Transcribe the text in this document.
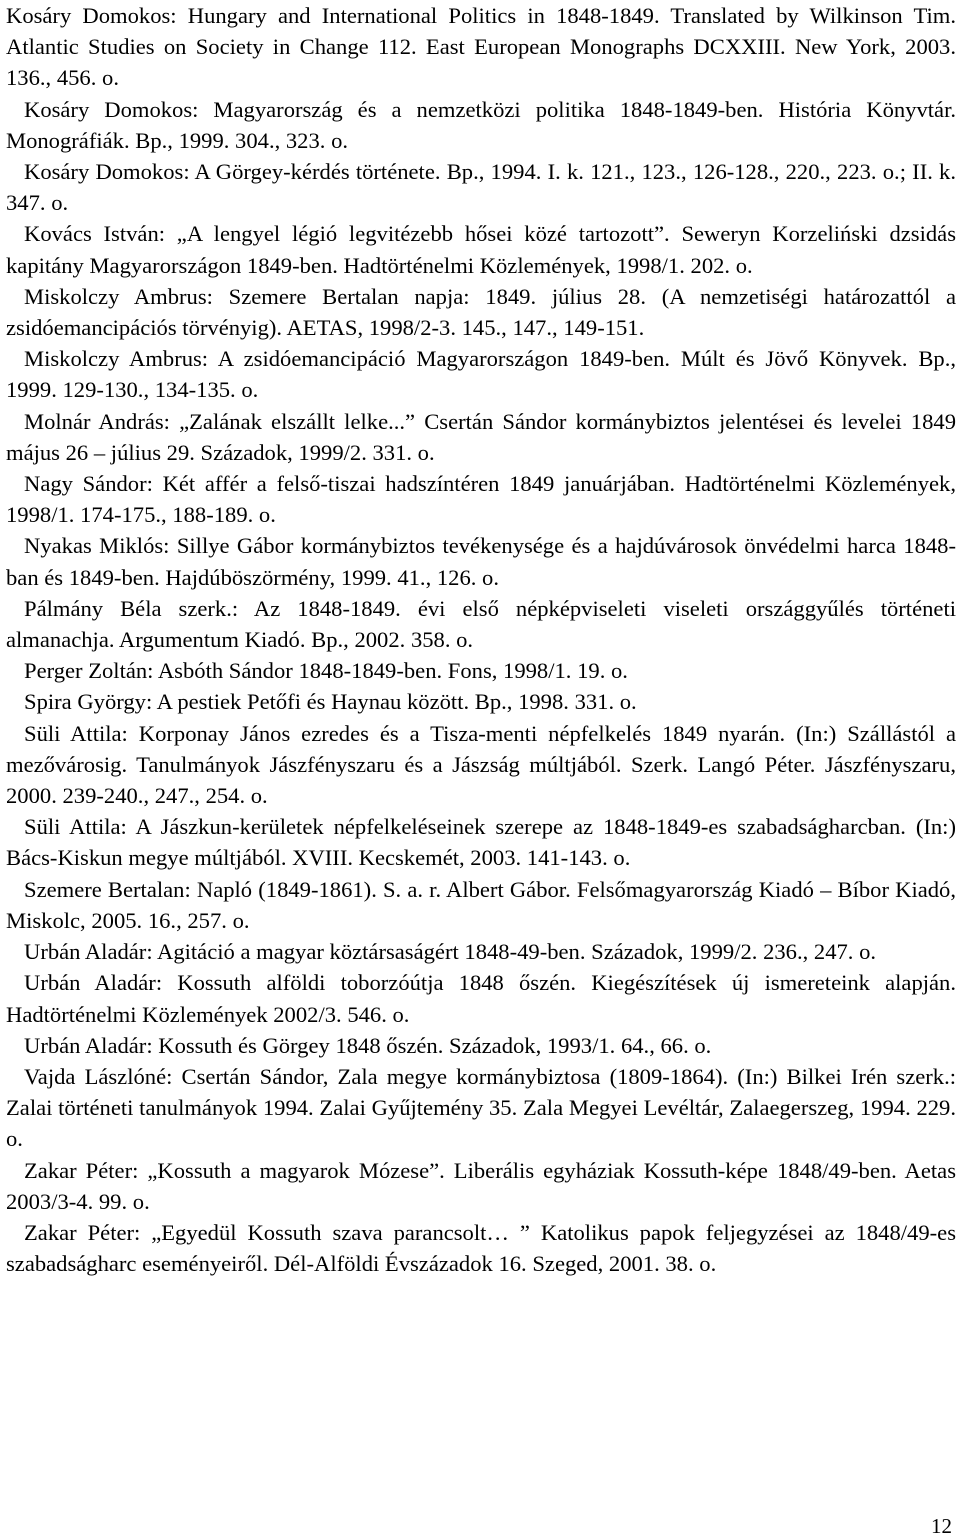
Kosáry Domokos: Hungary and International Politics in 1848-1849. Translated by Wilkinson Tim. Atlantic Studies on Society in Change 112. East European Monographs DCXXIII. New York, 2003. 136., 456. o.

Kosáry Domokos: Magyarország és a nemzetközi politika 1848-1849-ben. História Könyvtár. Monográfiák. Bp., 1999. 304., 323. o.

Kosáry Domokos: A Görgey-kérdés története. Bp., 1994. I. k. 121., 123., 126-128., 220., 223. o.; II. k. 347. o.

Kovács István: „A lengyel légió legvitézebb hősei közé tartozott”. Seweryn Korzeliński dzsidás kapitány Magyarországon 1849-ben. Hadtörténelmi Közlemények, 1998/1. 202. o.

Miskolczy Ambrus: Szemere Bertalan napja: 1849. július 28. (A nemzetiségi határozattól a zsidóemancipációs törvényig). AETAS, 1998/2-3. 145., 147., 149-151.

Miskolczy Ambrus: A zsidóemancipáció Magyarországon 1849-ben. Múlt és Jövő Könyvek. Bp., 1999. 129-130., 134-135. o.

Molnár András: „Zalának elszállt lelke...” Csertán Sándor kormánybiztos jelentései és levelei 1849 május 26 – július 29. Századok, 1999/2. 331. o.

Nagy Sándor: Két affér a felső-tiszai hadszíntéren 1849 januárjában. Hadtörténelmi Közlemények, 1998/1. 174-175., 188-189. o.

Nyakas Miklós: Sillye Gábor kormánybiztos tevékenysége és a hajdúvárosok önvédelmi harca 1848-ban és 1849-ben. Hajdúböszörmény, 1999. 41., 126. o.

Pálmány Béla szerk.: Az 1848-1849. évi első népképviseleti viseleti országgyűlés történeti almanachja. Argumentum Kiadó. Bp., 2002. 358. o.

Perger Zoltán: Asbóth Sándor 1848-1849-ben. Fons, 1998/1. 19. o.

Spira György: A pestiek Petőfi és Haynau között. Bp., 1998. 331. o.

Süli Attila: Korponay János ezredes és a Tisza-menti népfelkelés 1849 nyarán. (In:) Szállástól a mezővárosig. Tanulmányok Jászfényszaru és a Jászság múltjából. Szerk. Langó Péter. Jászfényszaru, 2000. 239-240., 247., 254. o.

Süli Attila: A Jászkun-kerületek népfelkeléseinek szerepe az 1848-1849-es szabadságharcban. (In:) Bács-Kiskun megye múltjából. XVIII. Kecskemét, 2003. 141-143. o.

Szemere Bertalan: Napló (1849-1861). S. a. r. Albert Gábor. Felsőmagyarország Kiadó – Bíbor Kiadó, Miskolc, 2005. 16., 257. o.

Urbán Aladár: Agitáció a magyar köztársaságért 1848-49-ben. Századok, 1999/2. 236., 247. o.

Urbán Aladár: Kossuth alföldi toborzóútja 1848 őszén. Kiegészítések új ismereteink alapján. Hadtörténelmi Közlemények 2002/3. 546. o.

Urbán Aladár: Kossuth és Görgey 1848 őszén. Századok, 1993/1. 64., 66. o.

Vajda Lászlóné: Csertán Sándor, Zala megye kormánybiztosa (1809-1864). (In:) Bilkei Irén szerk.: Zalai történeti tanulmányok 1994. Zalai Gyűjtemény 35. Zala Megyei Levéltár, Zalaegerszeg, 1994. 229. o.

Zakar Péter: „Kossuth a magyarok Mózese”. Liberális egyháziak Kossuth-képe 1848/49-ben. Aetas 2003/3-4. 99. o.

Zakar Péter: „Egyedül Kossuth szava parancsolt… ” Katolikus papok feljegyzései az 1848/49-es szabadságharc eseményeiről. Dél-Alföldi Évszázadok 16. Szeged, 2001. 38. o.

12
